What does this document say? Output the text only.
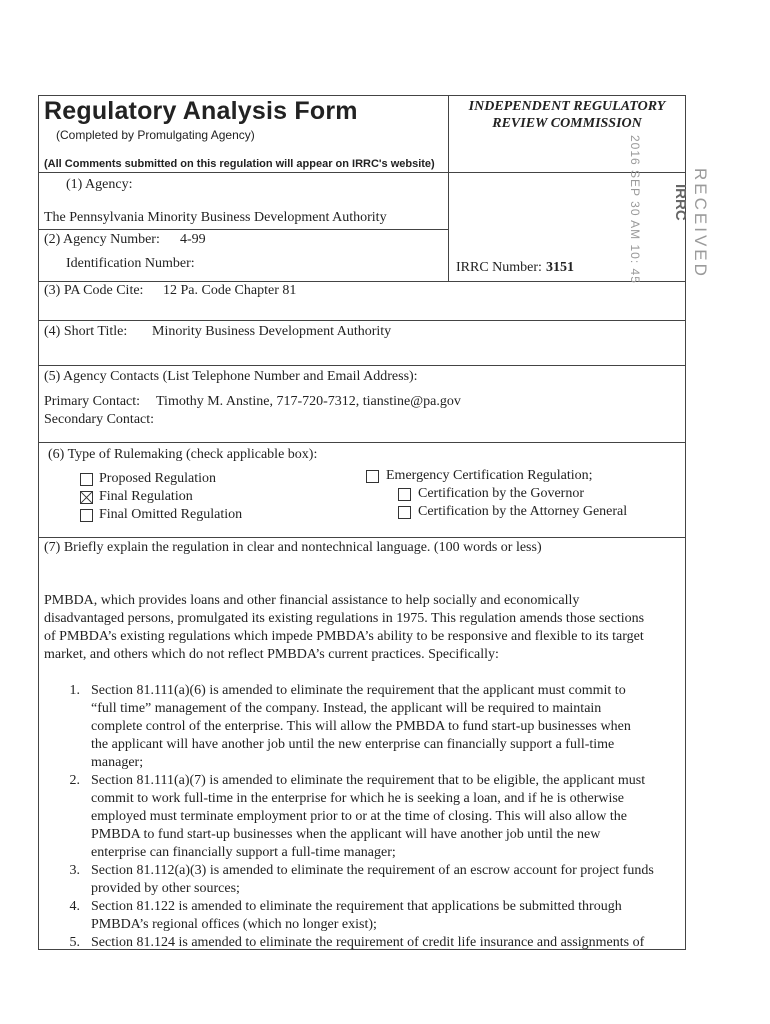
Regulatory Analysis Form
(Completed by Promulgating Agency)
(All Comments submitted on this regulation will appear on IRRC's website)
INDEPENDENT REGULATORY
REVIEW COMMISSION
RECEIVED
IRRC
2016 SEP 30 AM 10: 45
(1) Agency:
The Pennsylvania Minority Business Development Authority
(2) Agency Number: 4-99
Identification Number:	IRRC Number: 3151
(3) PA Code Cite: 12 Pa. Code Chapter 81
(4) Short Title: Minority Business Development Authority
(5) Agency Contacts (List Telephone Number and Email Address):
Primary Contact: Timothy M. Anstine, 717-720-7312, tianstine@pa.gov
Secondary Contact:
(6) Type of Rulemaking (check applicable box):
Proposed Regulation
Final Regulation
Final Omitted Regulation
Emergency Certification Regulation;
Certification by the Governor
Certification by the Attorney General
(7) Briefly explain the regulation in clear and nontechnical language. (100 words or less)
PMBDA, which provides loans and other financial assistance to help socially and economically
disadvantaged persons, promulgated its existing regulations in 1975. This regulation amends those sections
of PMBDA’s existing regulations which impede PMBDA’s ability to be responsive and flexible to its target
market, and others which do not reflect PMBDA’s current practices. Specifically:
1. Section 81.111(a)(6) is amended to eliminate the requirement that the applicant must commit to
“full time” management of the company. Instead, the applicant will be required to maintain
complete control of the enterprise. This will allow the PMBDA to fund start-up businesses when
the applicant will have another job until the new enterprise can financially support a full-time
manager;
2. Section 81.111(a)(7) is amended to eliminate the requirement that to be eligible, the applicant must
commit to work full-time in the enterprise for which he is seeking a loan, and if he is otherwise
employed must terminate employment prior to or at the time of closing. This will also allow the
PMBDA to fund start-up businesses when the applicant will have another job until the new
enterprise can financially support a full-time manager;
3. Section 81.112(a)(3) is amended to eliminate the requirement of an escrow account for project funds
provided by other sources;
4. Section 81.122 is amended to eliminate the requirement that applications be submitted through
PMBDA’s regional offices (which no longer exist);
5. Section 81.124 is amended to eliminate the requirement of credit life insurance and assignments of
